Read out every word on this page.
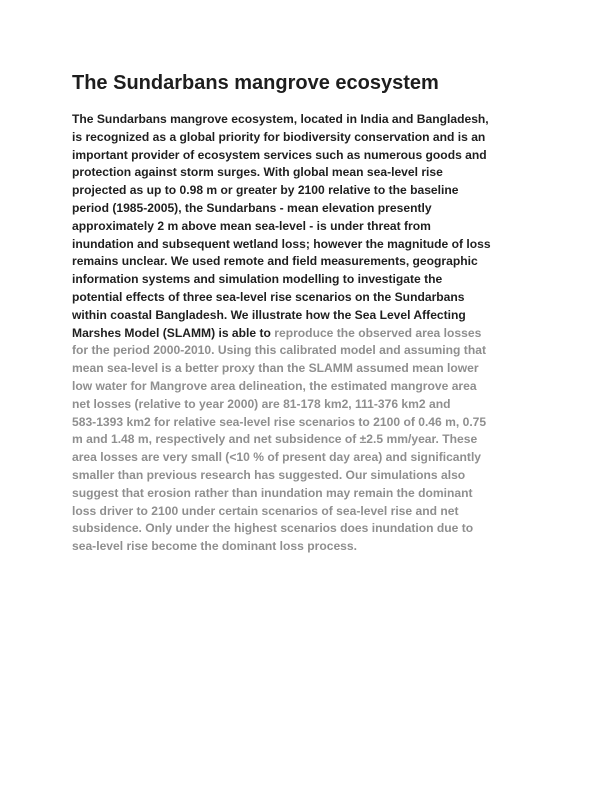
The Sundarbans mangrove ecosystem

The Sundarbans mangrove ecosystem, located in India and Bangladesh,
is recognized as a global priority for biodiversity conservation and is an
important provider of ecosystem services such as numerous goods and
protection against storm surges. With global mean sea-level rise
projected as up to 0.98 m or greater by 2100 relative to the baseline
period (1985-2005), the Sundarbans - mean elevation presently
approximately 2 m above mean sea-level - is under threat from
inundation and subsequent wetland loss; however the magnitude of loss
remains unclear. We used remote and field measurements, geographic
information systems and simulation modelling to investigate the
potential effects of three sea-level rise scenarios on the Sundarbans
within coastal Bangladesh. We illustrate how the Sea Level Affecting
Marshes Model (SLAMM) is able to reproduce the observed area losses
for the period 2000-2010. Using this calibrated model and assuming that
mean sea-level is a better proxy than the SLAMM assumed mean lower
low water for Mangrove area delineation, the estimated mangrove area
net losses (relative to year 2000) are 81-178 km2, 111-376 km2 and
583-1393 km2 for relative sea-level rise scenarios to 2100 of 0.46 m, 0.75
m and 1.48 m, respectively and net subsidence of ±2.5 mm/year. These
area losses are very small (<10 % of present day area) and significantly
smaller than previous research has suggested. Our simulations also
suggest that erosion rather than inundation may remain the dominant
loss driver to 2100 under certain scenarios of sea-level rise and net
subsidence. Only under the highest scenarios does inundation due to
sea-level rise become the dominant loss process.
